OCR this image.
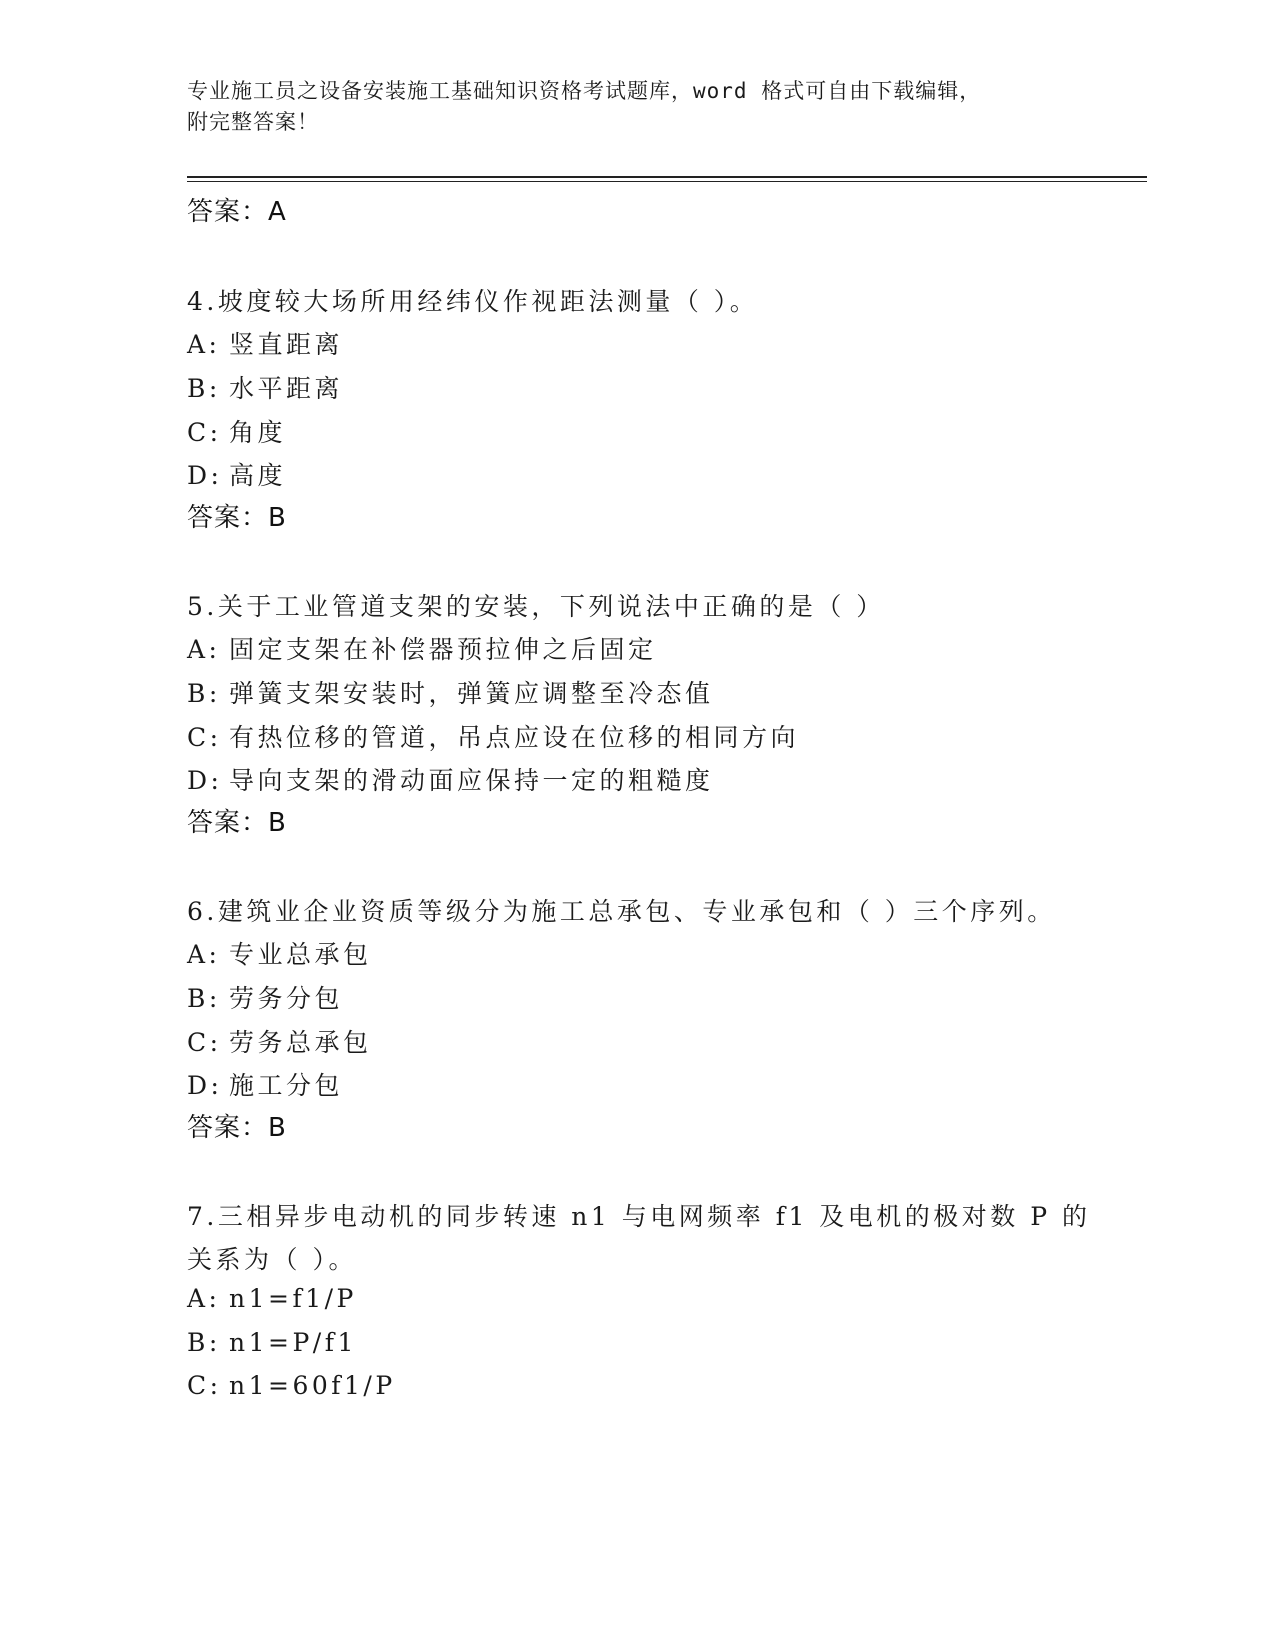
专业施工员之设备安装施工基础知识资格考试题库，word 格式可自由下载编辑，
附完整答案！
答案：A
4.坡度较大场所用经纬仪作视距法测量（ ）。
A: 竖直距离
B: 水平距离
C: 角度
D: 高度
答案：B
5.关于工业管道支架的安装，下列说法中正确的是（ ）
A: 固定支架在补偿器预拉伸之后固定
B: 弹簧支架安装时，弹簧应调整至冷态值
C: 有热位移的管道，吊点应设在位移的相同方向
D: 导向支架的滑动面应保持一定的粗糙度
答案：B
6.建筑业企业资质等级分为施工总承包、专业承包和（ ）三个序列。
A: 专业总承包
B: 劳务分包
C: 劳务总承包
D: 施工分包
答案：B
7.三相异步电动机的同步转速 n1 与电网频率 f1 及电机的极对数 P 的
关系为（ ）。
A: n1=f1/P
B: n1=P/f1
C: n1=60f1/P
